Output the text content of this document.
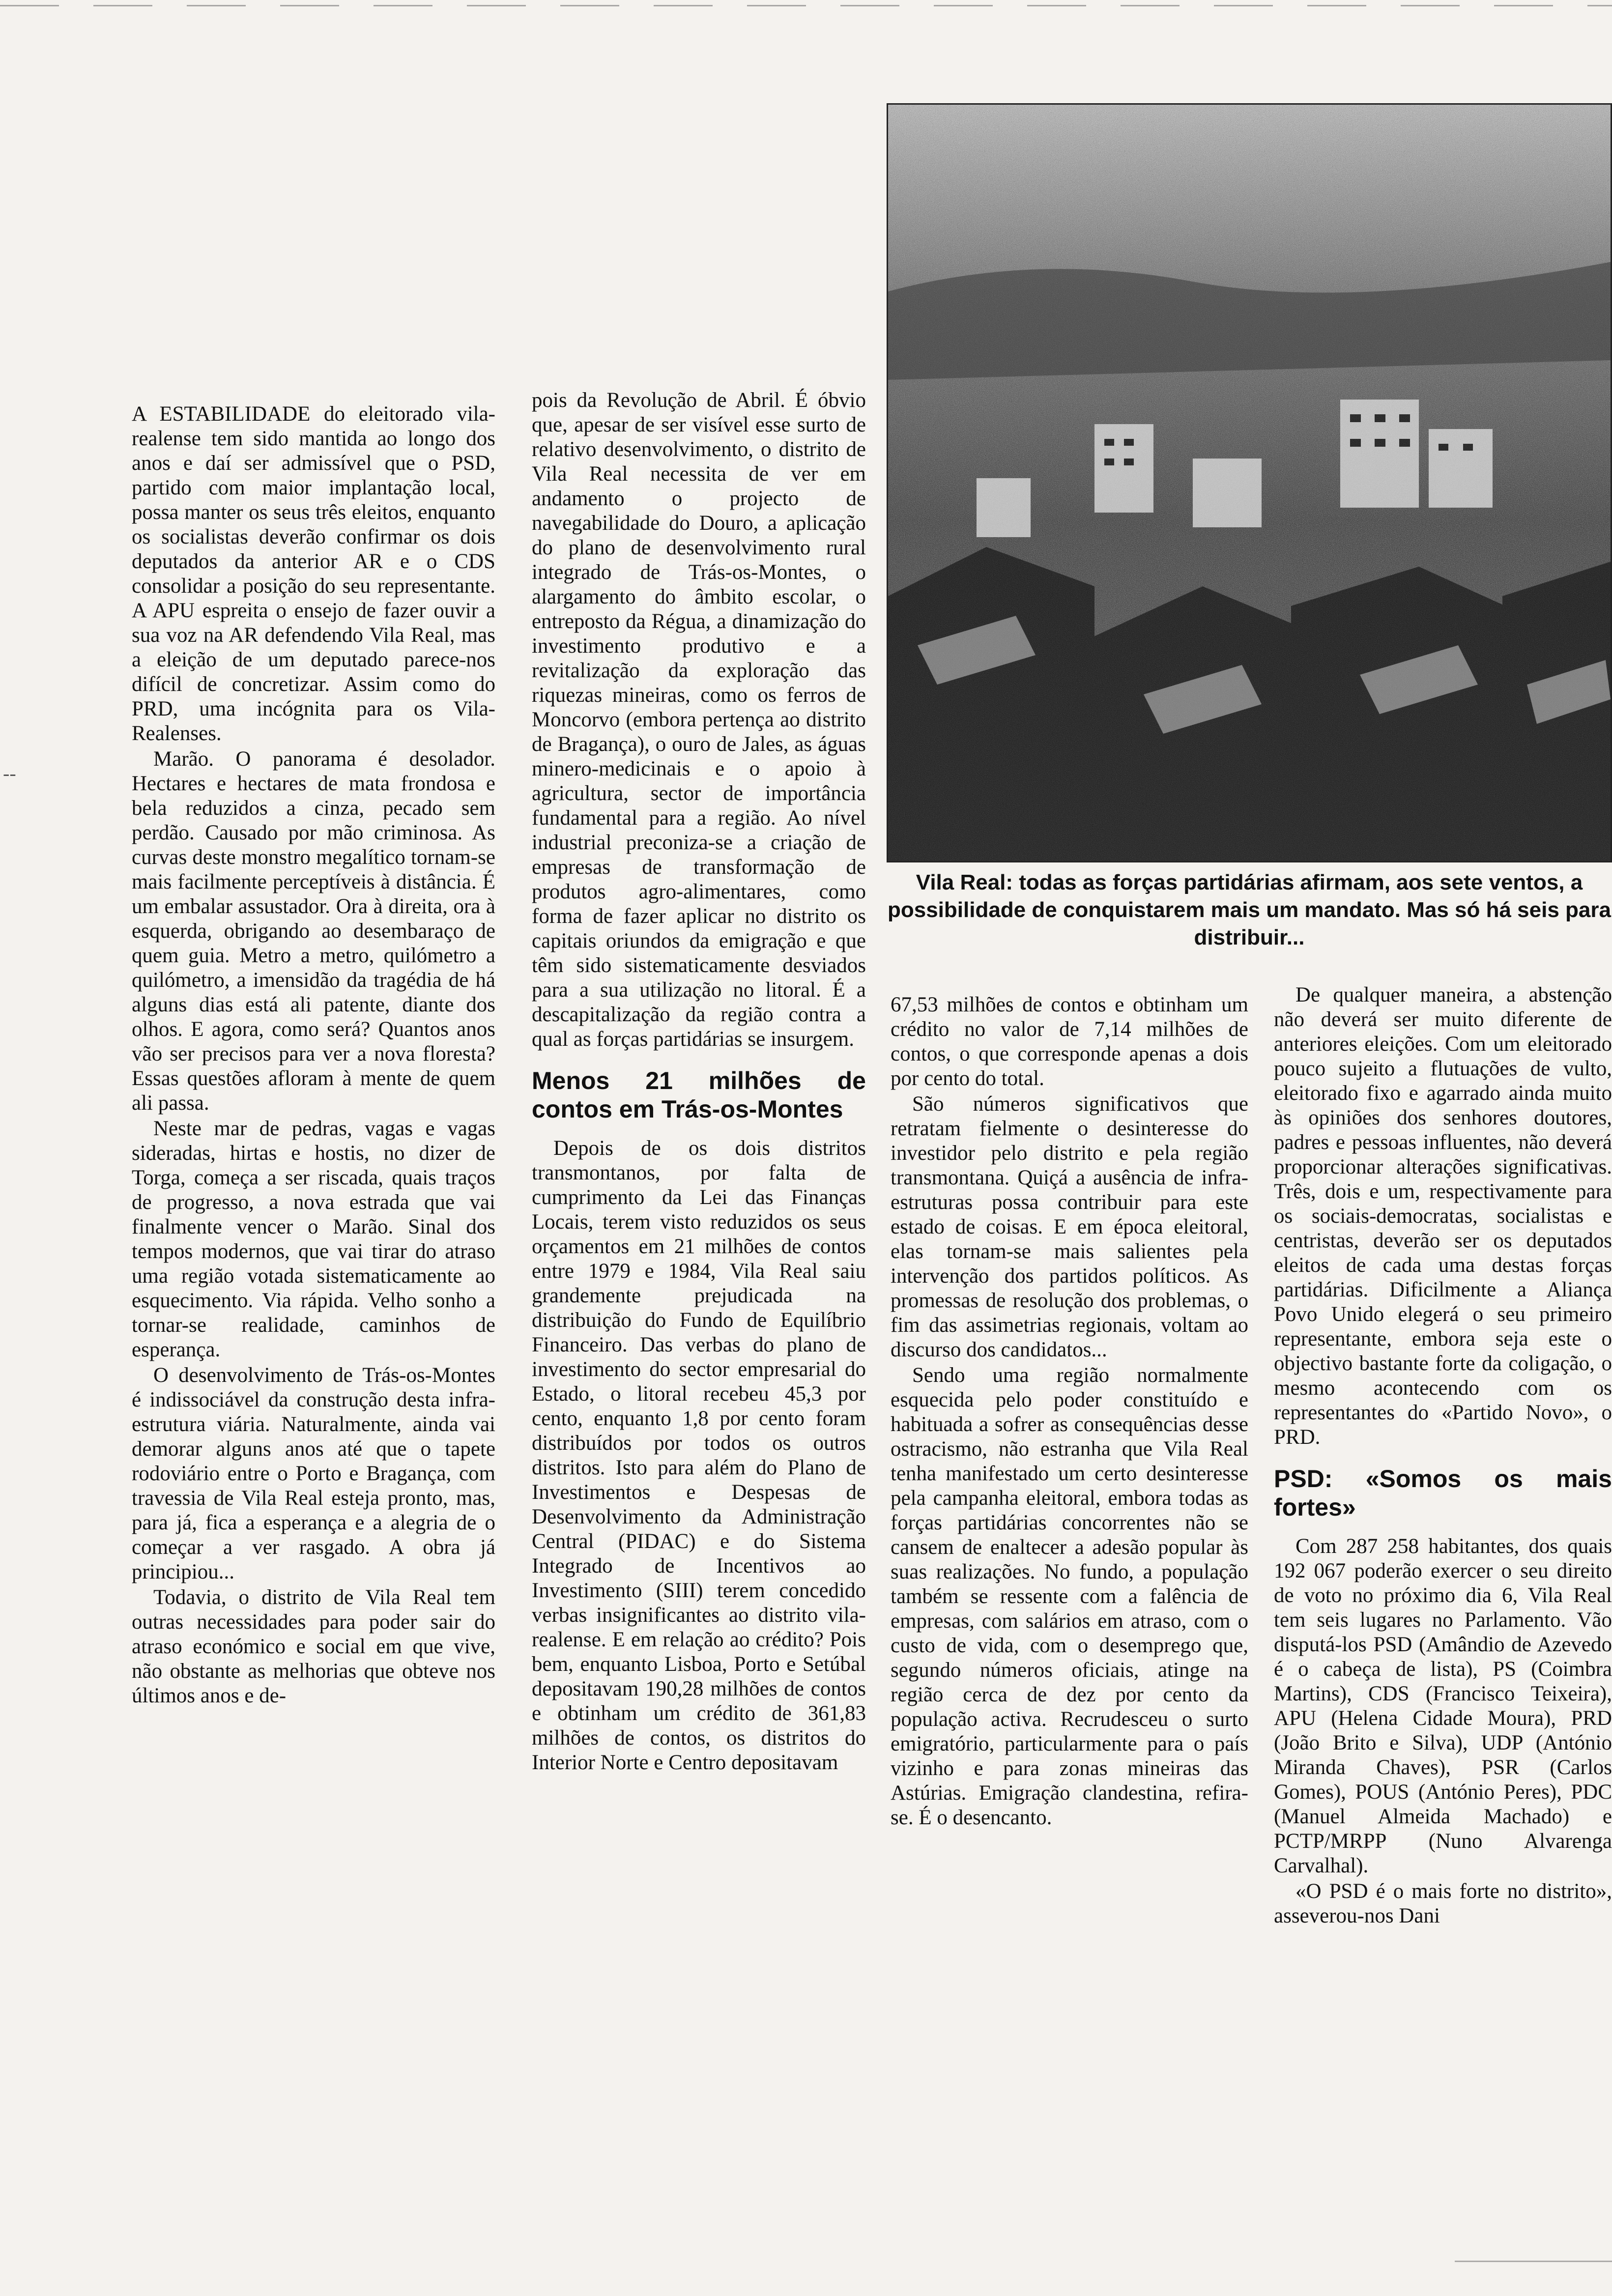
‑‑

A ESTABILIDADE do eleitorado vila-realense tem sido mantida ao longo dos anos e daí ser admissível que o PSD, partido com maior implantação local, possa manter os seus três eleitos, enquanto os socialistas deverão confirmar os dois deputados da anterior AR e o CDS consolidar a posição do seu representante. A APU espreita o ensejo de fazer ouvir a sua voz na AR defendendo Vila Real, mas a eleição de um deputado parece-nos difícil de concretizar. Assim como do PRD, uma incógnita para os Vila-Realenses.

Marão. O panorama é desolador. Hectares e hectares de mata frondosa e bela reduzidos a cinza, pecado sem perdão. Causado por mão criminosa. As curvas deste monstro megalítico tornam-se mais facilmente perceptíveis à distância. É um embalar assustador. Ora à direita, ora à esquerda, obrigando ao desembaraço de quem guia. Metro a metro, quilómetro a quilómetro, a imensidão da tragédia de há alguns dias está ali patente, diante dos olhos. E agora, como será? Quantos anos vão ser precisos para ver a nova floresta? Essas questões afloram à mente de quem ali passa.

Neste mar de pedras, vagas e vagas sideradas, hirtas e hostis, no dizer de Torga, começa a ser riscada, quais traços de progresso, a nova estrada que vai finalmente vencer o Marão. Sinal dos tempos modernos, que vai tirar do atraso uma região votada sistematicamente ao esquecimento. Via rápida. Velho sonho a tornar-se realidade, caminhos de esperança.

O desenvolvimento de Trás-os-Montes é indissociável da construção desta infra-estrutura viária. Naturalmente, ainda vai demorar alguns anos até que o tapete rodoviário entre o Porto e Bragança, com travessia de Vila Real esteja pronto, mas, para já, fica a esperança e a alegria de o começar a ver rasgado. A obra já principiou...

Todavia, o distrito de Vila Real tem outras necessidades para poder sair do atraso económico e social em que vive, não obstante as melhorias que obteve nos últimos anos e de-

pois da Revolução de Abril. É óbvio que, apesar de ser visível esse surto de relativo desenvolvimento, o distrito de Vila Real necessita de ver em andamento o projecto de navegabilidade do Douro, a aplicação do plano de desenvolvimento rural integrado de Trás-os-Montes, o alargamento do âmbito escolar, o entreposto da Régua, a dinamização do investimento produtivo e a revitalização da exploração das riquezas mineiras, como os ferros de Moncorvo (embora pertença ao distrito de Bragança), o ouro de Jales, as águas minero-medicinais e o apoio à agricultura, sector de importância fundamental para a região. Ao nível industrial preconiza-se a criação de empresas de transformação de produtos agro-alimentares, como forma de fazer aplicar no distrito os capitais oriundos da emigração e que têm sido sistematicamente desviados para a sua utilização no litoral. É a descapitalização da região contra a qual as forças partidárias se insurgem.

Menos 21 milhões de contos em Trás-os-Montes

Depois de os dois distritos transmontanos, por falta de cumprimento da Lei das Finanças Locais, terem visto reduzidos os seus orçamentos em 21 milhões de contos entre 1979 e 1984, Vila Real saiu grandemente prejudicada na distribuição do Fundo de Equilíbrio Financeiro. Das verbas do plano de investimento do sector empresarial do Estado, o litoral recebeu 45,3 por cento, enquanto 1,8 por cento foram distribuídos por todos os outros distritos. Isto para além do Plano de Investimentos e Despesas de Desenvolvimento da Administração Central (PIDAC) e do Sistema Integrado de Incentivos ao Investimento (SIII) terem concedido verbas insignificantes ao distrito vila-realense. E em relação ao crédito? Pois bem, enquanto Lisboa, Porto e Setúbal depositavam 190,28 milhões de contos e obtinham um crédito de 361,83 milhões de contos, os distritos do Interior Norte e Centro depositavam

Vila Real: todas as forças partidárias afirmam, aos sete ventos, a possibilidade de conquistarem mais um mandato. Mas só há seis para distribuir...

67,53 milhões de contos e obtinham um crédito no valor de 7,14 milhões de contos, o que corresponde apenas a dois por cento do total.

São números significativos que retratam fielmente o desinteresse do investidor pelo distrito e pela região transmontana. Quiçá a ausência de infra-estruturas possa contribuir para este estado de coisas. E em época eleitoral, elas tornam-se mais salientes pela intervenção dos partidos políticos. As promessas de resolução dos problemas, o fim das assimetrias regionais, voltam ao discurso dos candidatos...

Sendo uma região normalmente esquecida pelo poder constituído e habituada a sofrer as consequências desse ostracismo, não estranha que Vila Real tenha manifestado um certo desinteresse pela campanha eleitoral, embora todas as forças partidárias concorrentes não se cansem de enaltecer a adesão popular às suas realizações. No fundo, a população também se ressente com a falência de empresas, com salários em atraso, com o custo de vida, com o desemprego que, segundo números oficiais, atinge na região cerca de dez por cento da população activa. Recrudesceu o surto emigratório, particularmente para o país vizinho e para zonas mineiras das Astúrias. Emigração clandestina, refira-se. É o desencanto.

De qualquer maneira, a abstenção não deverá ser muito diferente de anteriores eleições. Com um eleitorado pouco sujeito a flutuações de vulto, eleitorado fixo e agarrado ainda muito às opiniões dos senhores doutores, padres e pessoas influentes, não deverá proporcionar alterações significativas. Três, dois e um, respectivamente para os sociais-democratas, socialistas e centristas, deverão ser os deputados eleitos de cada uma destas forças partidárias. Dificilmente a Aliança Povo Unido elegerá o seu primeiro representante, embora seja este o objectivo bastante forte da coligação, o mesmo acontecendo com os representantes do «Partido Novo», o PRD.

PSD: «Somos os mais fortes»

Com 287 258 habitantes, dos quais 192 067 poderão exercer o seu direito de voto no próximo dia 6, Vila Real tem seis lugares no Parlamento. Vão disputá-los PSD (Amândio de Azevedo é o cabeça de lista), PS (Coimbra Martins), CDS (Francisco Teixeira), APU (Helena Cidade Moura), PRD (João Brito e Silva), UDP (António Miranda Chaves), PSR (Carlos Gomes), POUS (António Peres), PDC (Manuel Almeida Machado) e PCTP/MRPP (Nuno Alvarenga Carvalhal).

«O PSD é o mais forte no distrito», asseverou-nos Dani
